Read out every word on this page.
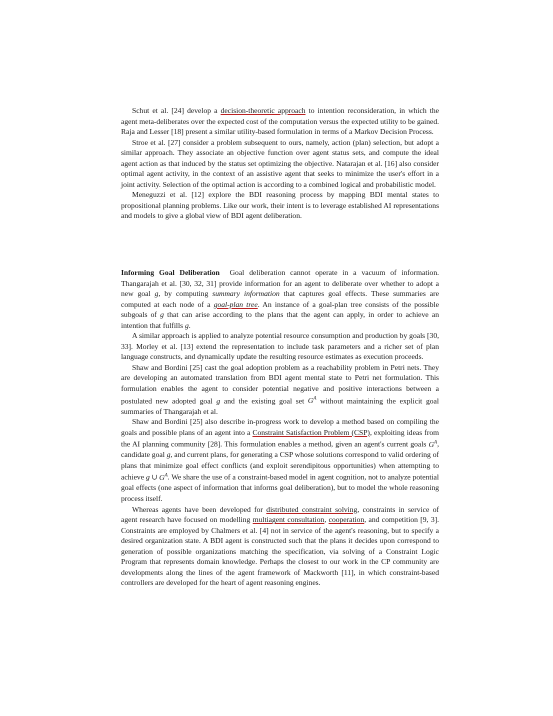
Schut et al. [24] develop a decision-theoretic approach to intention reconsideration, in which the agent meta-deliberates over the expected cost of the computation versus the expected utility to be gained. Raja and Lesser [18] present a similar utility-based formulation in terms of a Markov Decision Process.

Stroe et al. [27] consider a problem subsequent to ours, namely, action (plan) selection, but adopt a similar approach. They associate an objective function over agent status sets, and compute the ideal agent action as that induced by the status set optimizing the objective. Natarajan et al. [16] also consider optimal agent activity, in the context of an assistive agent that seeks to minimize the user's effort in a joint activity. Selection of the optimal action is according to a combined logical and probabilistic model.

Meneguzzi et al. [12] explore the BDI reasoning process by mapping BDI mental states to propositional planning problems. Like our work, their intent is to leverage established AI representations and models to give a global view of BDI agent deliberation.

Informing Goal Deliberation  Goal deliberation cannot operate in a vacuum of information. Thangarajah et al. [30, 32, 31] provide information for an agent to deliberate over whether to adopt a new goal g, by computing summary information that captures goal effects. These summaries are computed at each node of a goal-plan tree. An instance of a goal-plan tree consists of the possible subgoals of g that can arise according to the plans that the agent can apply, in order to achieve an intention that fulfills g.

A similar approach is applied to analyze potential resource consumption and production by goals [30, 33]. Morley et al. [13] extend the representation to include task parameters and a richer set of plan language constructs, and dynamically update the resulting resource estimates as execution proceeds.

Shaw and Bordini [25] cast the goal adoption problem as a reachability problem in Petri nets. They are developing an automated translation from BDI agent mental state to Petri net formulation. This formulation enables the agent to consider potential negative and positive interactions between a postulated new adopted goal g and the existing goal set $G^A$ without maintaining the explicit goal summaries of Thangarajah et al.

Shaw and Bordini [25] also describe in-progress work to develop a method based on compiling the goals and possible plans of an agent into a Constraint Satisfaction Problem (CSP), exploiting ideas from the AI planning community [28]. This formulation enables a method, given an agent's current goals $G^A$, candidate goal g, and current plans, for generating a CSP whose solutions correspond to valid ordering of plans that minimize goal effect conflicts (and exploit serendipitous opportunities) when attempting to achieve g ∪ $G^A$. We share the use of a constraint-based model in agent cognition, not to analyze potential goal effects (one aspect of information that informs goal deliberation), but to model the whole reasoning process itself.

Whereas agents have been developed for distributed constraint solving, constraints in service of agent research have focused on modelling multiagent consultation, cooperation, and competition [9, 3]. Constraints are employed by Chalmers et al. [4] not in service of the agent's reasoning, but to specify a desired organization state. A BDI agent is constructed such that the plans it decides upon correspond to generation of possible organizations matching the specification, via solving of a Constraint Logic Program that represents domain knowledge. Perhaps the closest to our work in the CP community are developments along the lines of the agent framework of Mackworth [11], in which constraint-based controllers are developed for the heart of agent reasoning engines.
